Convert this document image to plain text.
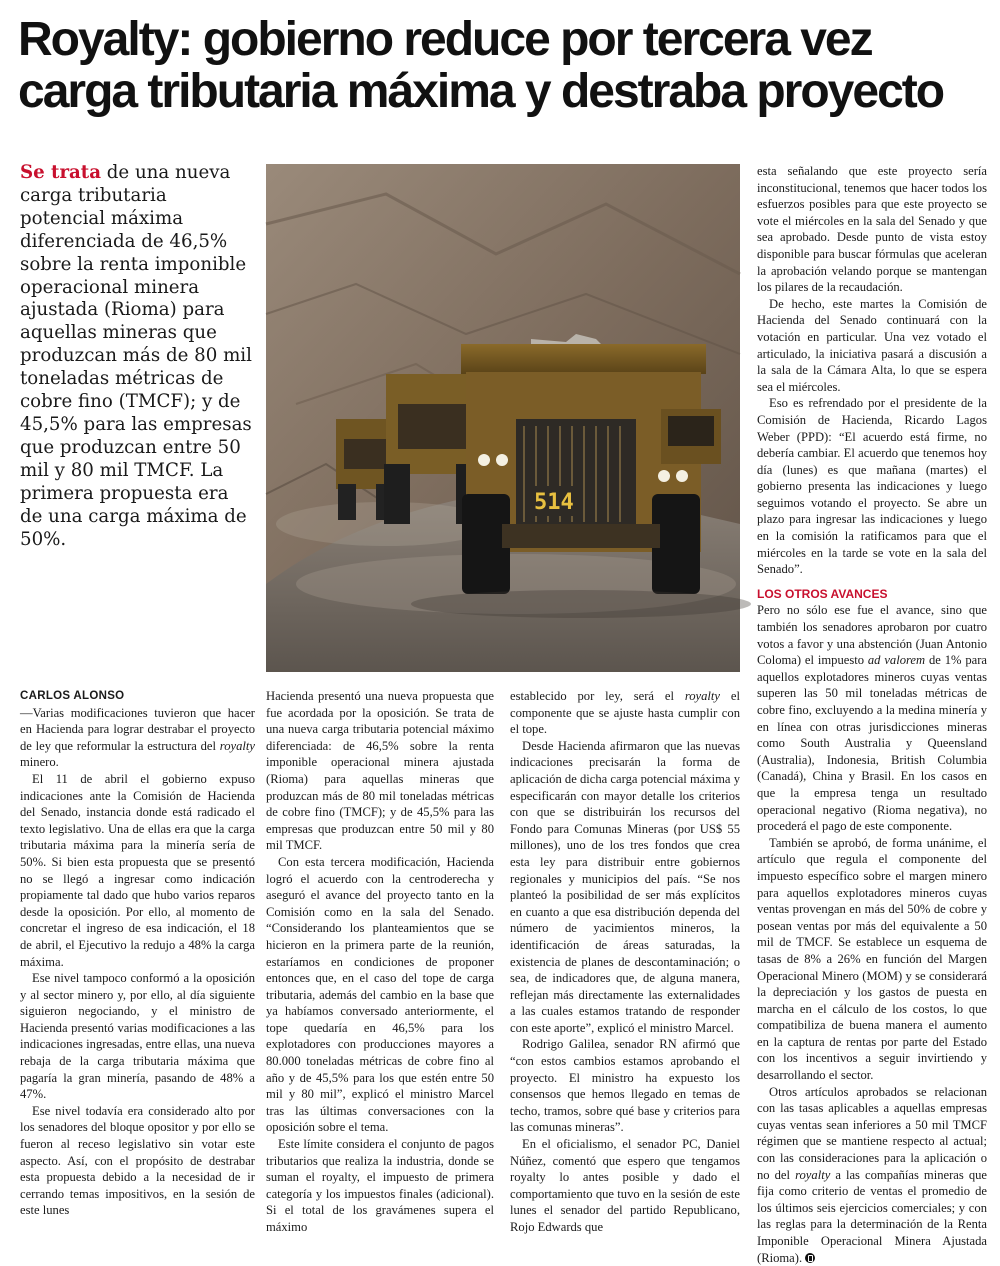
Royalty: gobierno reduce por tercera vez
carga tributaria máxima y destraba proyecto
Se trata de una nueva carga tributaria potencial máxima diferenciada de 46,5% sobre la renta imponible operacional minera ajustada (Rioma) para aquellas mineras que produzcan más de 80 mil toneladas métricas de cobre fino (TMCF); y de 45,5% para las empresas que produzcan entre 50 mil y 80 mil TMCF. La primera propuesta era de una carga máxima de 50%.
514

CARLOS ALONSO

—Varias modificaciones tuvieron que hacer en Hacienda para lograr destrabar el proyecto de ley que reformular la estructura del royalty minero.

El 11 de abril el gobierno expuso indicaciones ante la Comisión de Hacienda del Senado, instancia donde está radicado el texto legislativo. Una de ellas era que la carga tributaria máxima para la minería sería de 50%. Si bien esta propuesta que se presentó no se llegó a ingresar como indicación propiamente tal dado que hubo varios reparos desde la oposición. Por ello, al momento de concretar el ingreso de esa indicación, el 18 de abril, el Ejecutivo la redujo a 48% la carga máxima.

Ese nivel tampoco conformó a la oposición y al sector minero y, por ello, al día siguiente siguieron negociando, y el ministro de Hacienda presentó varias modificaciones a las indicaciones ingresadas, entre ellas, una nueva rebaja de la carga tributaria máxima que pagaría la gran minería, pasando de 48% a 47%.

Ese nivel todavía era considerado alto por los senadores del bloque opositor y por ello se fueron al receso legislativo sin votar este aspecto. Así, con el propósito de destrabar esta propuesta debido a la necesidad de ir cerrando temas impositivos, en la sesión de este lunes

Hacienda presentó una nueva propuesta que fue acordada por la oposición. Se trata de una nueva carga tributaria potencial máximo diferenciada: de 46,5% sobre la renta imponible operacional minera ajustada (Rioma) para aquellas mineras que produzcan más de 80 mil toneladas métricas de cobre fino (TMCF); y de 45,5% para las empresas que produzcan entre 50 mil y 80 mil TMCF.

Con esta tercera modificación, Hacienda logró el acuerdo con la centroderecha y aseguró el avance del proyecto tanto en la Comisión como en la sala del Senado. “Considerando los planteamientos que se hicieron en la primera parte de la reunión, estaríamos en condiciones de proponer entonces que, en el caso del tope de carga tributaria, además del cambio en la base que ya habíamos conversado anteriormente, el tope quedaría en 46,5% para los explotadores con producciones mayores a 80.000 toneladas métricas de cobre fino al año y de 45,5% para los que estén entre 50 mil y 80 mil”, explicó el ministro Marcel tras las últimas conversaciones con la oposición sobre el tema.

Este límite considera el conjunto de pagos tributarios que realiza la industria, donde se suman el royalty, el impuesto de primera categoría y los impuestos finales (adicional). Si el total de los gravámenes supera el máximo

establecido por ley, será el royalty el componente que se ajuste hasta cumplir con el tope.

Desde Hacienda afirmaron que las nuevas indicaciones precisarán la forma de aplicación de dicha carga potencial máxima y especificarán con mayor detalle los criterios con que se distribuirán los recursos del Fondo para Comunas Mineras (por US$ 55 millones), uno de los tres fondos que crea esta ley para distribuir entre gobiernos regionales y municipios del país. “Se nos planteó la posibilidad de ser más explícitos en cuanto a que esa distribución dependa del número de yacimientos mineros, la identificación de áreas saturadas, la existencia de planes de descontaminación; o sea, de indicadores que, de alguna manera, reflejan más directamente las externalidades a las cuales estamos tratando de responder con este aporte”, explicó el ministro Marcel.

Rodrigo Galilea, senador RN afirmó que “con estos cambios estamos aprobando el proyecto. El ministro ha expuesto los consensos que hemos llegado en temas de techo, tramos, sobre qué base y criterios para las comunas mineras”.

En el oficialismo, el senador PC, Daniel Núñez, comentó que espero que tengamos royalty lo antes posible y dado el comportamiento que tuvo en la sesión de este lunes el senador del partido Republicano, Rojo Edwards que

esta señalando que este proyecto sería inconstitucional, tenemos que hacer todos los esfuerzos posibles para que este proyecto se vote el miércoles en la sala del Senado y que sea aprobado. Desde punto de vista estoy disponible para buscar fórmulas que aceleran la aprobación velando porque se mantengan los pilares de la recaudación.

De hecho, este martes la Comisión de Hacienda del Senado continuará con la votación en particular. Una vez votado el articulado, la iniciativa pasará a discusión a la sala de la Cámara Alta, lo que se espera sea el miércoles.

Eso es refrendado por el presidente de la Comisión de Hacienda, Ricardo Lagos Weber (PPD): “El acuerdo está firme, no debería cambiar. El acuerdo que tenemos hoy día (lunes) es que mañana (martes) el gobierno presenta las indicaciones y luego seguimos votando el proyecto. Se abre un plazo para ingresar las indicaciones y luego en la comisión la ratificamos para que el miércoles en la tarde se vote en la sala del Senado”.

LOS OTROS AVANCES

Pero no sólo ese fue el avance, sino que también los senadores aprobaron por cuatro votos a favor y una abstención (Juan Antonio Coloma) el impuesto ad valorem de 1% para aquellos explotadores mineros cuyas ventas superen las 50 mil toneladas métricas de cobre fino, excluyendo a la medina minería y en línea con otras jurisdicciones mineras como South Australia y Queensland (Australia), Indonesia, British Columbia (Canadá), China y Brasil. En los casos en que la empresa tenga un resultado operacional negativo (Rioma negativa), no procederá el pago de este componente.

También se aprobó, de forma unánime, el artículo que regula el componente del impuesto específico sobre el margen minero para aquellos explotadores mineros cuyas ventas provengan en más del 50% de cobre y posean ventas por más del equivalente a 50 mil de TMCF. Se establece un esquema de tasas de 8% a 26% en función del Margen Operacional Minero (MOM) y se considerará la depreciación y los gastos de puesta en marcha en el cálculo de los costos, lo que compatibiliza de buena manera el aumento en la captura de rentas por parte del Estado con los incentivos a seguir invirtiendo y desarrollando el sector.

Otros artículos aprobados se relacionan con las tasas aplicables a aquellas empresas cuyas ventas sean inferiores a 50 mil TMCF régimen que se mantiene respecto al actual; con las consideraciones para la aplicación o no del royalty a las compañías mineras que fija como criterio de ventas el promedio de los últimos seis ejercicios comerciales; y con las reglas para la determinación de la Renta Imponible Operacional Minera Ajustada (Rioma).
